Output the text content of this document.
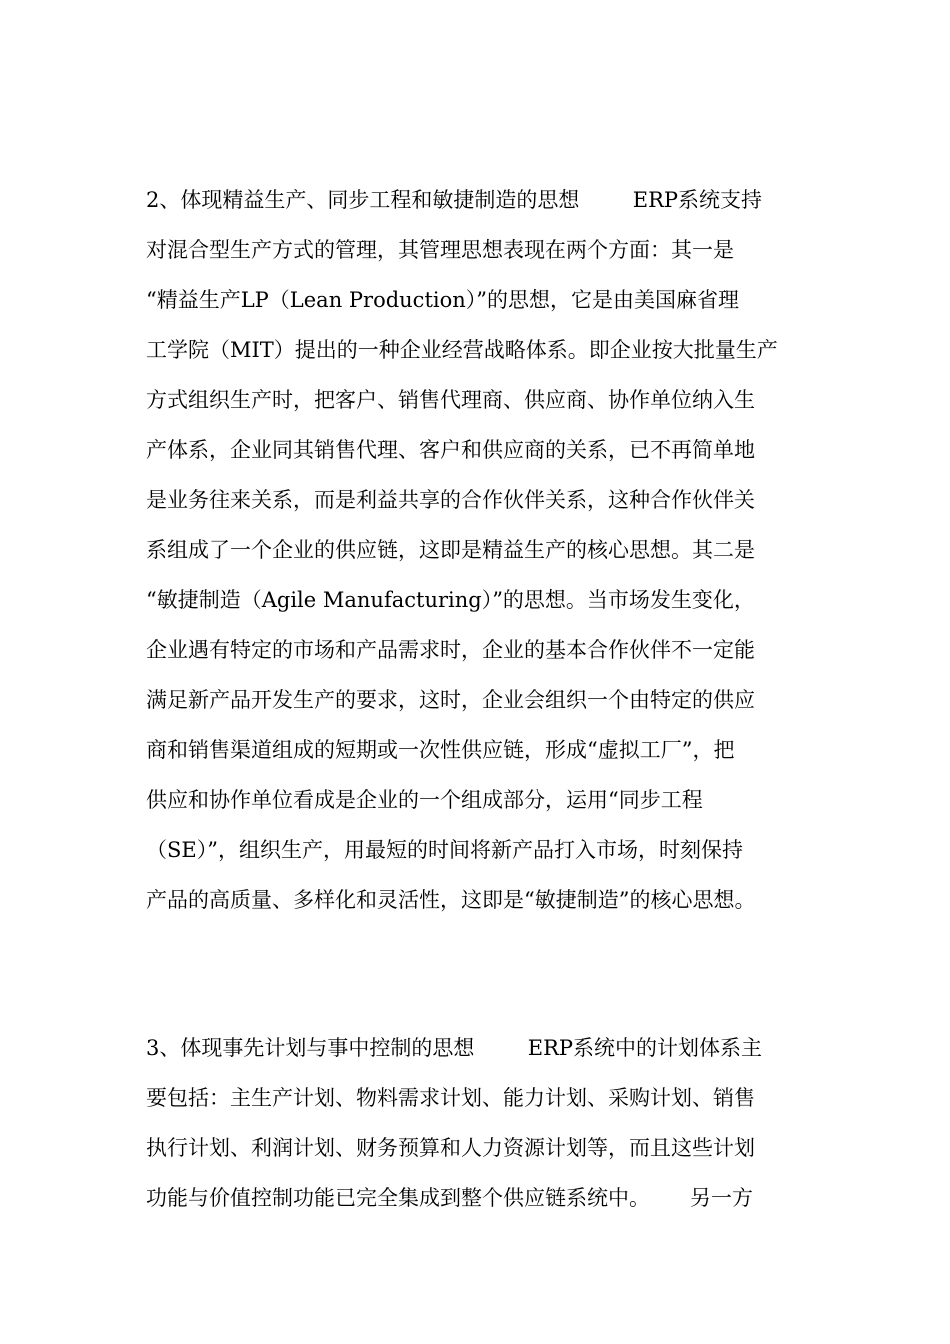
2、体现精益生产、同步工程和敏捷制造的思想        ERP系统支持
对混合型生产方式的管理，其管理思想表现在两个方面：其一是
“精益生产LP（Lean Production）”的思想，它是由美国麻省理
工学院（MIT）提出的一种企业经营战略体系。即企业按大批量生产
方式组织生产时，把客户、销售代理商、供应商、协作单位纳入生
产体系，企业同其销售代理、客户和供应商的关系，已不再简单地
是业务往来关系，而是利益共享的合作伙伴关系，这种合作伙伴关
系组成了一个企业的供应链，这即是精益生产的核心思想。其二是
“敏捷制造（Agile Manufacturing）”的思想。当市场发生变化，
企业遇有特定的市场和产品需求时，企业的基本合作伙伴不一定能
满足新产品开发生产的要求，这时，企业会组织一个由特定的供应
商和销售渠道组成的短期或一次性供应链，形成“虚拟工厂”，把
供应和协作单位看成是企业的一个组成部分，运用“同步工程
（SE）”，组织生产，用最短的时间将新产品打入市场，时刻保持
产品的高质量、多样化和灵活性，这即是“敏捷制造”的核心思想。
3、体现事先计划与事中控制的思想        ERP系统中的计划体系主
要包括：主生产计划、物料需求计划、能力计划、采购计划、销售
执行计划、利润计划、财务预算和人力资源计划等，而且这些计划
功能与价值控制功能已完全集成到整个供应链系统中。      另一方
